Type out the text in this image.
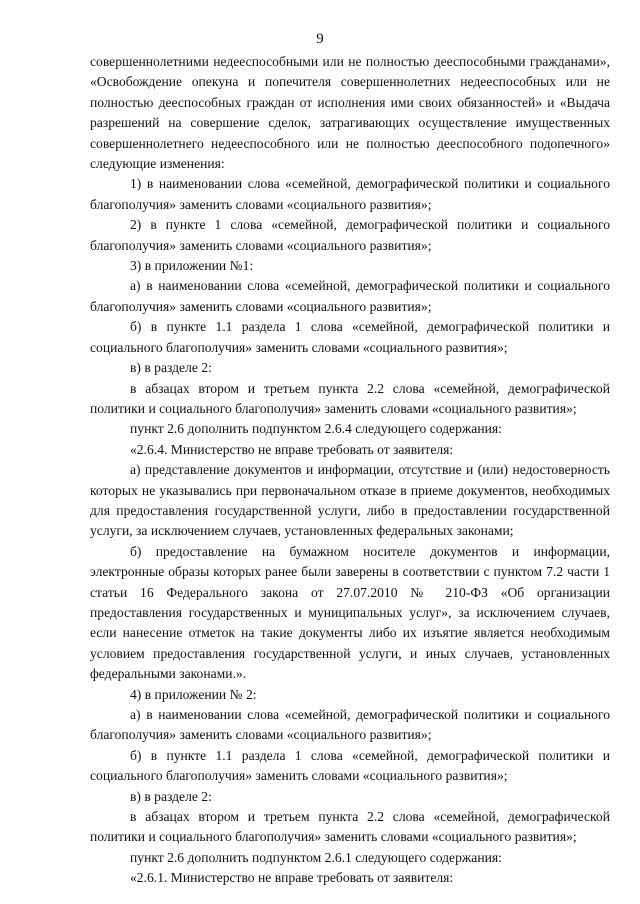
9

совершеннолетними недееспособными или не полностью дееспособными гражданами», «Освобождение опекуна и попечителя совершеннолетних недееспособных или не полностью дееспособных граждан от исполнения ими своих обязанностей» и «Выдача разрешений на совершение сделок, затрагивающих осуществление имущественных совершеннолетнего недееспособного или не полностью дееспособного подопечного» следующие изменения:

1) в наименовании слова «семейной, демографической политики и социального благополучия» заменить словами «социального развития»;

2) в пункте 1 слова «семейной, демографической политики и социального благополучия» заменить словами «социального развития»;

3) в приложении №1:

а) в наименовании слова «семейной, демографической политики и социального благополучия» заменить словами «социального развития»;

б) в пункте 1.1 раздела 1 слова «семейной, демографической политики и социального благополучия» заменить словами «социального развития»;

в) в разделе 2:

в абзацах втором и третьем пункта 2.2 слова «семейной, демографической политики и социального благополучия» заменить словами «социального развития»;

пункт 2.6 дополнить подпунктом 2.6.4 следующего содержания:

«2.6.4. Министерство не вправе требовать от заявителя:

а) представление документов и информации, отсутствие и (или) недостоверность которых не указывались при первоначальном отказе в приеме документов, необходимых для предоставления государственной услуги, либо в предоставлении государственной услуги, за исключением случаев, установленных федеральных законами;

б) предоставление на бумажном носителе документов и информации, электронные образы которых ранее были заверены в соответствии с пунктом 7.2 части 1 статьи 16 Федерального закона от 27.07.2010 № 210-ФЗ «Об организации предоставления государственных и муниципальных услуг», за исключением случаев, если нанесение отметок на такие документы либо их изъятие является необходимым условием предоставления государственной услуги, и иных случаев, установленных федеральными законами.».

4) в приложении № 2:

а) в наименовании слова «семейной, демографической политики и социального благополучия» заменить словами «социального развития»;

б) в пункте 1.1 раздела 1 слова «семейной, демографической политики и социального благополучия» заменить словами «социального развития»;

в) в разделе 2:

в абзацах втором и третьем пункта 2.2 слова «семейной, демографической политики и социального благополучия» заменить словами «социального развития»;

пункт 2.6 дополнить подпунктом 2.6.1 следующего содержания:

«2.6.1. Министерство не вправе требовать от заявителя:
